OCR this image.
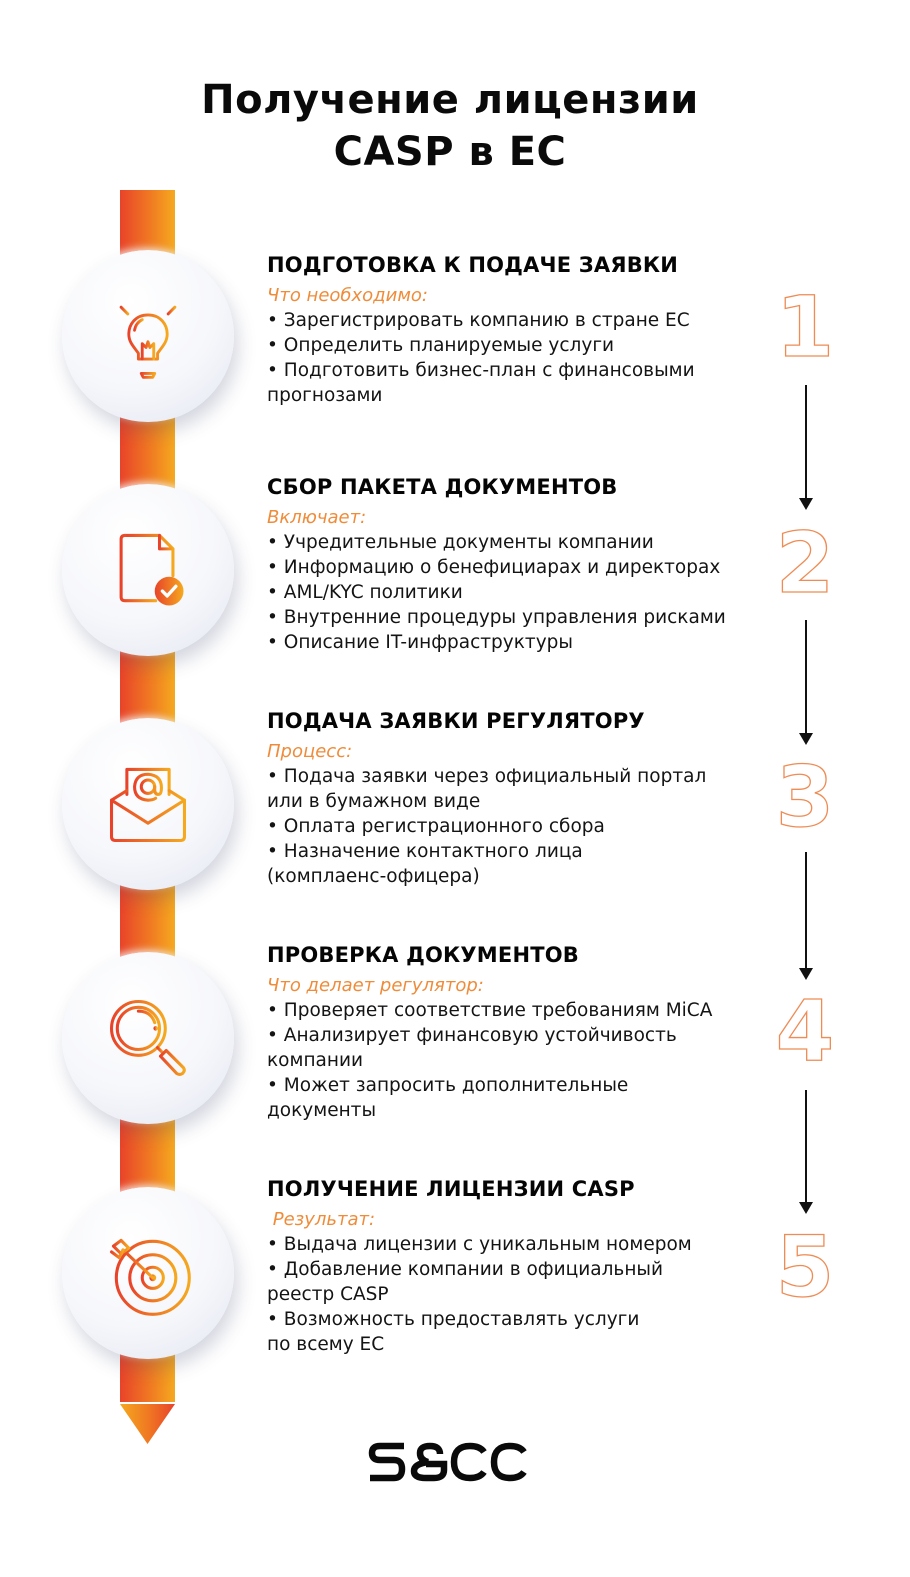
Получение лицензии
CASP в ЕС
ПОДГОТОВКА К ПОДАЧЕ ЗАЯВКИ
Что необходимо:
• Зарегистрировать компанию в стране ЕС
• Определить планируемые услуги
• Подготовить бизнес-план с финансовыми
прогнозами
1
СБОР ПАКЕТА ДОКУМЕНТОВ
Включает:
• Учредительные документы компании
• Информацию о бенефициарах и директорах
• AML/KYC политики
• Внутренние процедуры управления рисками
• Описание IT-инфраструктуры
2
ПОДАЧА ЗАЯВКИ РЕГУЛЯТОРУ
Процесс:
• Подача заявки через официальный портал
или в бумажном виде
• Оплата регистрационного сбора
• Назначение контактного лица
(комплаенс-офицера)
3
ПРОВЕРКА ДОКУМЕНТОВ
Что делает регулятор:
• Проверяет соответствие требованиям MiCA
• Анализирует финансовую устойчивость
компании
• Может запросить дополнительные
документы
4
ПОЛУЧЕНИЕ ЛИЦЕНЗИИ CASP
Результат:
• Выдача лицензии с уникальным номером
• Добавление компании в официальный
реестр CASP
• Возможность предоставлять услуги
по всему ЕС
5
